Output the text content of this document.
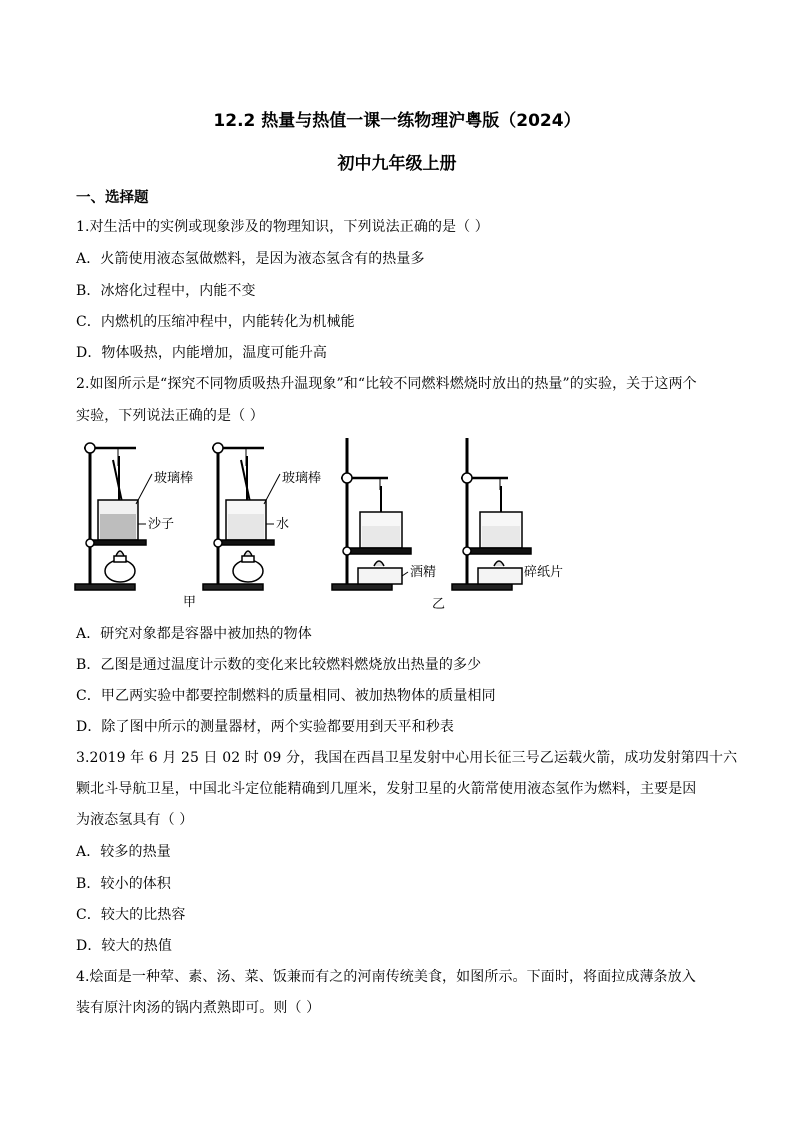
12.2 热量与热值一课一练物理沪粤版（2024）
初中九年级上册
一、选择题
1.对生活中的实例或现象涉及的物理知识，下列说法正确的是（ ）
A．火箭使用液态氢做燃料，是因为液态氢含有的热量多
B．冰熔化过程中，内能不变
C．内燃机的压缩冲程中，内能转化为机械能
D．物体吸热，内能增加，温度可能升高
2.如图所示是“探究不同物质吸热升温现象”和“比较不同燃料燃烧时放出的热量”的实验，关于这两个
实验，下列说法正确的是（ ）
玻璃棒
沙子
玻璃棒
水
酒精	碎纸片
甲	乙
A．研究对象都是容器中被加热的物体
B．乙图是通过温度计示数的变化来比较燃料燃烧放出热量的多少
C．甲乙两实验中都要控制燃料的质量相同、被加热物体的质量相同
D．除了图中所示的测量器材，两个实验都要用到天平和秒表
3.2019 年 6 月 25 日 02 时 09 分，我国在西昌卫星发射中心用长征三号乙运载火箭，成功发射第四十六
颗北斗导航卫星，中国北斗定位能精确到几厘米，发射卫星的火箭常使用液态氢作为燃料，主要是因
为液态氢具有（ ）
A．较多的热量
B．较小的体积
C．较大的比热容
D．较大的热值
4.烩面是一种荤、素、汤、菜、饭兼而有之的河南传统美食，如图所示。下面时，将面拉成薄条放入
装有原汁肉汤的锅内煮熟即可。则（ ）
